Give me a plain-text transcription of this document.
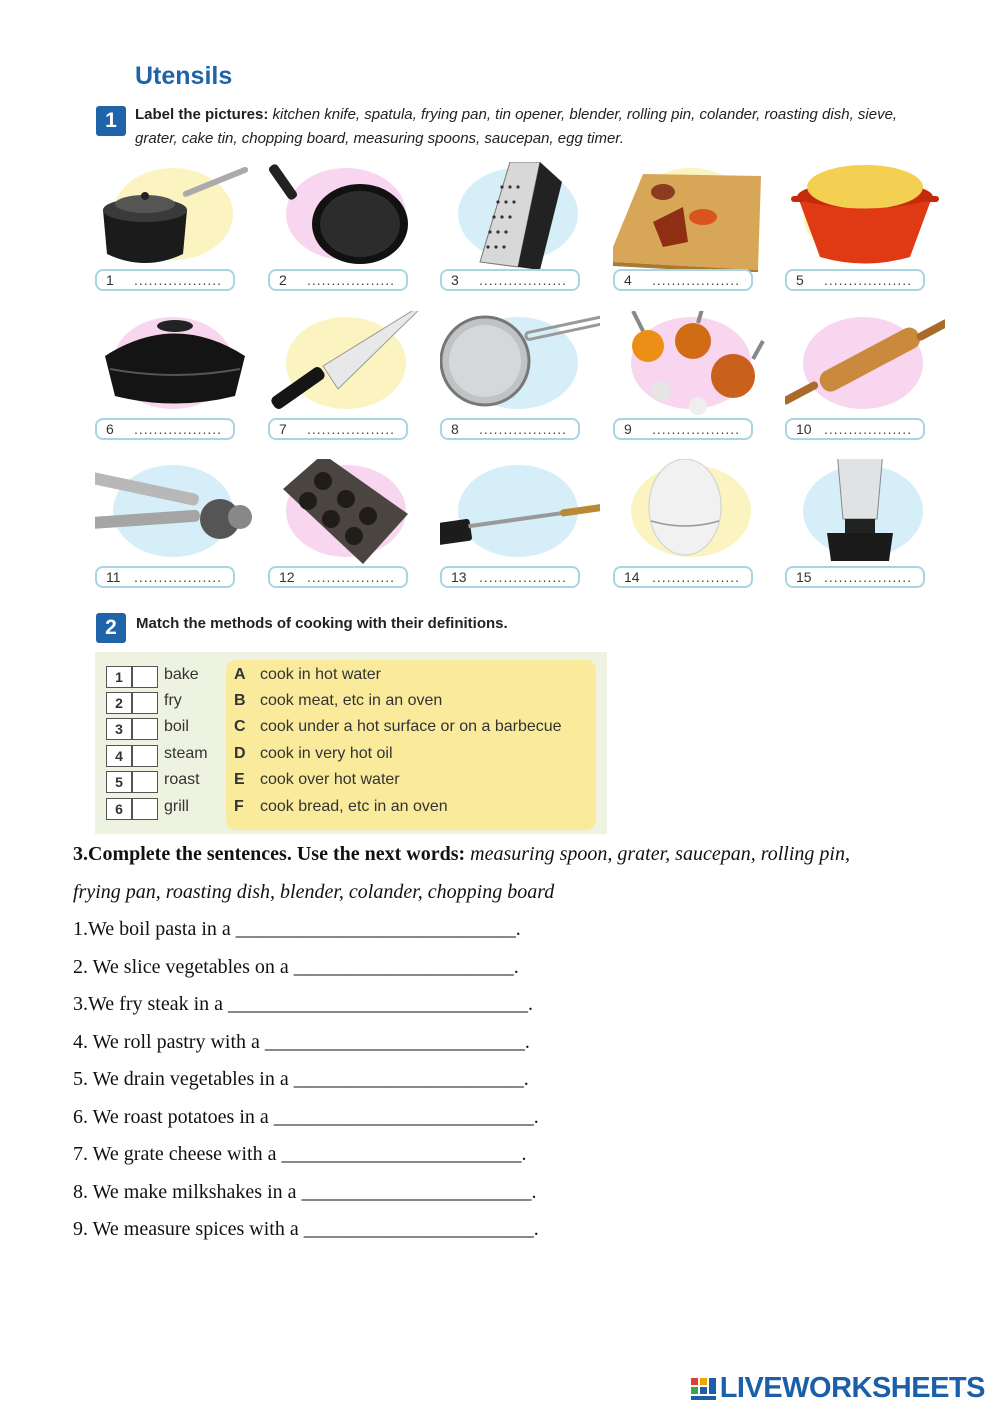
Utensils
1	Label the pictures: kitchen knife, spatula, frying pan, tin opener, blender, rolling pin, colander, roasting dish, sieve, grater, cake tin, chopping board, measuring spoons, saucepan, egg timer.
1	..................	2	..................	3	..................	4	..................	5	..................
6	..................	7	..................	8	..................	9	..................	10 ..................
11 ..................	12 ..................	13 ..................	14 ..................	15 ..................
2	Match the methods of cooking with their definitions.
1	bake A cook in hot water
2	fry	B cook meat, etc in an oven
3	boil	C cook under a hot surface or on a barbecue
4	steam D cook in very hot oil
5	roast E cook over hot water
6	grill	F cook bread, etc in an oven
3.Complete the sentences. Use the next words: measuring spoon, grater, saucepan, rolling pin,
frying pan, roasting dish, blender, colander, chopping board
1.We boil pasta in a ____________________________.
2. We slice vegetables on a ______________________.
3.We fry steak in a ______________________________.
4. We roll pastry with a __________________________.
5. We drain vegetables in a _______________________.
6. We roast potatoes in a __________________________.
7. We grate cheese with a ________________________.
8. We make milkshakes in a _______________________.
9. We measure spices with a _______________________.
LIVEWORKSHEETS
